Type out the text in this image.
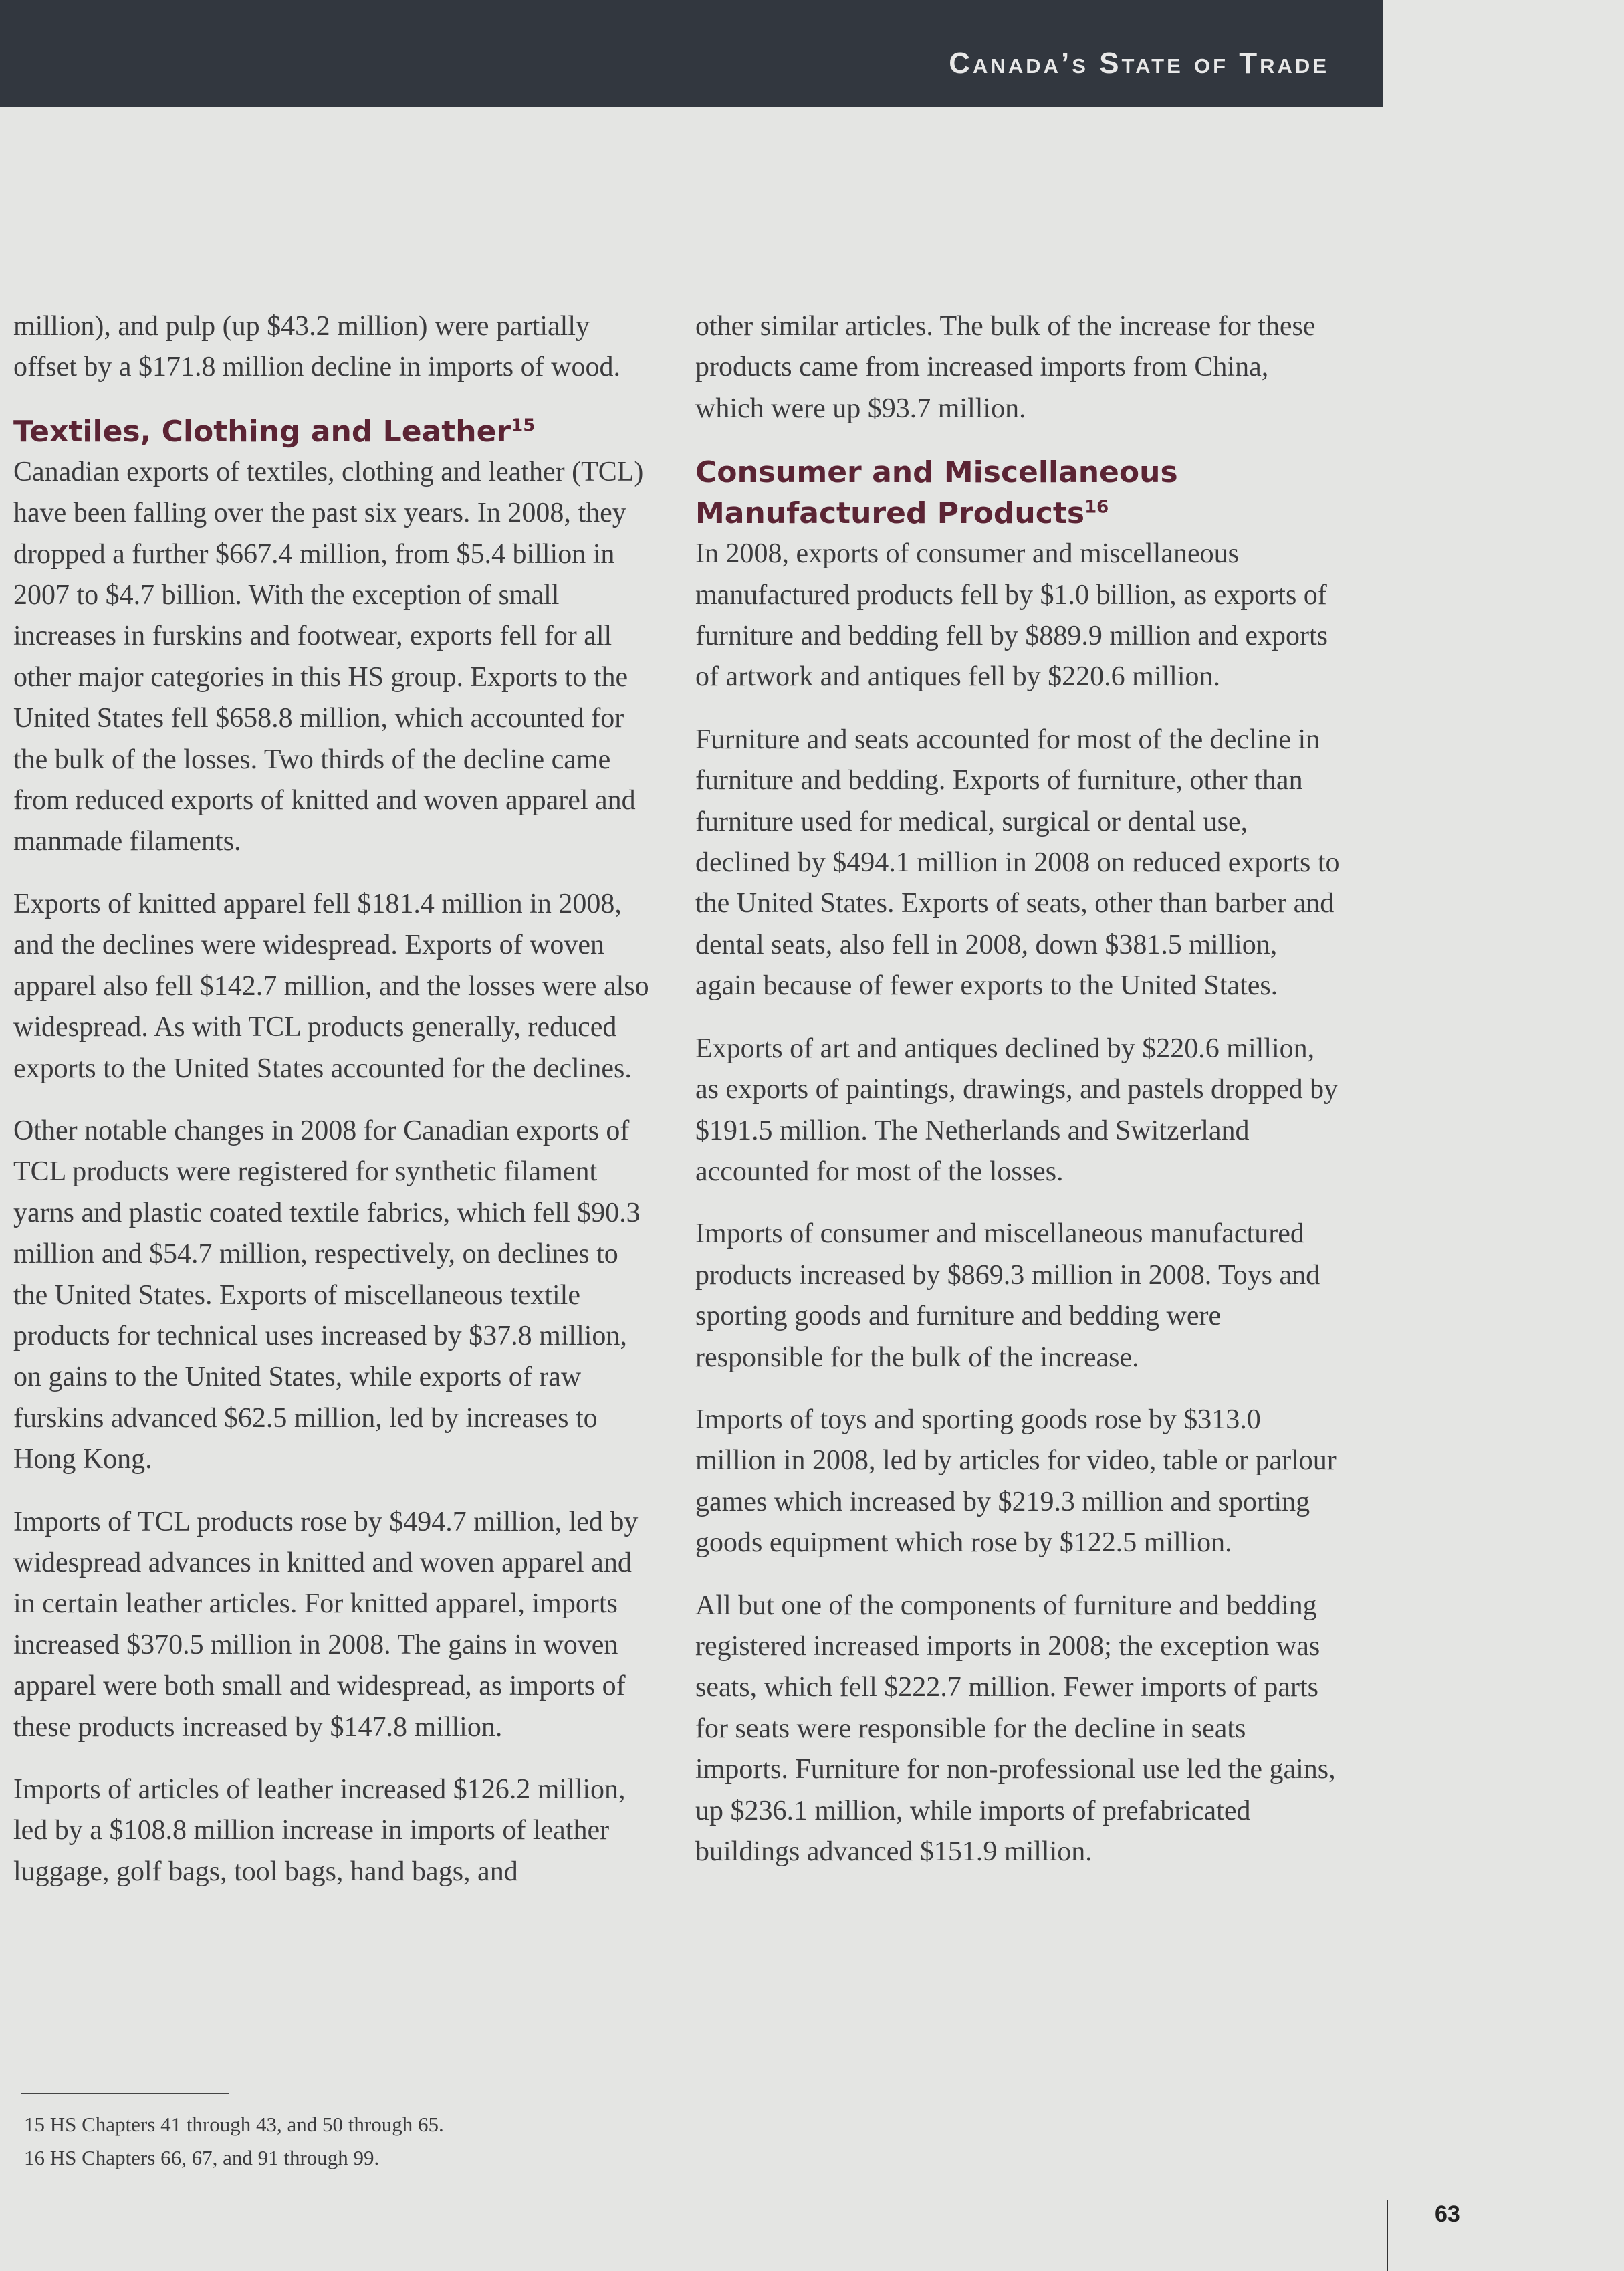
Canada’s State of Trade

million), and pulp (up $43.2 million) were partially offset by a $171.8 million decline in imports of wood.

Textiles, Clothing and Leather$^{15}$

Canadian exports of textiles, clothing and leather (TCL) have been falling over the past six years. In 2008, they dropped a further $667.4 million, from $5.4 billion in 2007 to $4.7 billion. With the exception of small increases in furskins and footwear, exports fell for all other major categories in this HS group. Exports to the United States fell $658.8 million, which accounted for the bulk of the losses. Two thirds of the decline came from reduced exports of knitted and woven apparel and manmade filaments.

Exports of knitted apparel fell $181.4 million in 2008, and the declines were widespread. Exports of woven apparel also fell $142.7 million, and the losses were also widespread. As with TCL products generally, reduced exports to the United States accounted for the declines.

Other notable changes in 2008 for Canadian exports of TCL products were registered for synthetic filament yarns and plastic coated textile fabrics, which fell $90.3 million and $54.7 million, respectively, on declines to the United States. Exports of miscellaneous textile products for technical uses increased by $37.8 million, on gains to the United States, while exports of raw furskins advanced $62.5 million, led by increases to Hong Kong.

Imports of TCL products rose by $494.7 million, led by widespread advances in knitted and woven apparel and in certain leather articles. For knitted apparel, imports increased $370.5 million in 2008. The gains in woven apparel were both small and widespread, as imports of these products increased by $147.8 million.

Imports of articles of leather increased $126.2 million, led by a $108.8 million increase in imports of leather luggage, golf bags, tool bags, hand bags, and

other similar articles. The bulk of the increase for these products came from increased imports from China, which were up $93.7 million.

Consumer and Miscellaneous Manufactured Products$^{16}$

In 2008, exports of consumer and miscellaneous manufactured products fell by $1.0 billion, as exports of furniture and bedding fell by $889.9 million and exports of artwork and antiques fell by $220.6 million.

Furniture and seats accounted for most of the decline in furniture and bedding. Exports of furniture, other than furniture used for medical, surgical or dental use, declined by $494.1 million in 2008 on reduced exports to the United States. Exports of seats, other than barber and dental seats, also fell in 2008, down $381.5 million, again because of fewer exports to the United States.

Exports of art and antiques declined by $220.6 million, as exports of paintings, drawings, and pastels dropped by $191.5 million. The Netherlands and Switzerland accounted for most of the losses.

Imports of consumer and miscellaneous manufactured products increased by $869.3 million in 2008. Toys and sporting goods and furniture and bedding were responsible for the bulk of the increase.

Imports of toys and sporting goods rose by $313.0 million in 2008, led by articles for video, table or parlour games which increased by $219.3 million and sporting goods equipment which rose by $122.5 million.

All but one of the components of furniture and bedding registered increased imports in 2008; the exception was seats, which fell $222.7 million. Fewer imports of parts for seats were responsible for the decline in seats imports. Furniture for non-professional use led the gains, up $236.1 million, while imports of prefabricated buildings advanced $151.9 million.

15 HS Chapters 41 through 43, and 50 through 65.

16 HS Chapters 66, 67, and 91 through 99.

63
